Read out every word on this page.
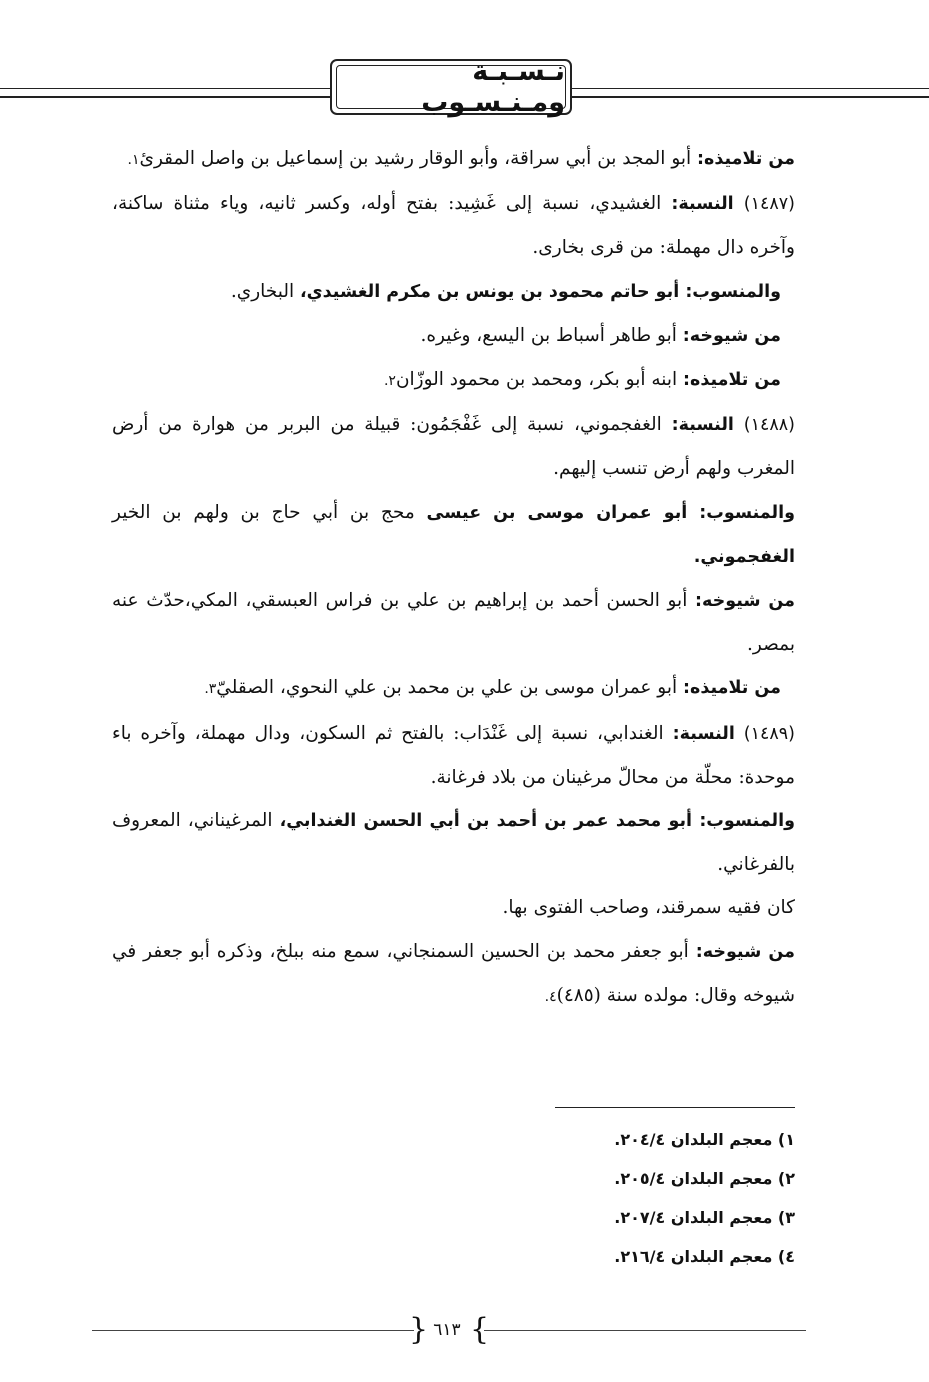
نـسـبـة ومـنـسـوب

من تلاميذه: أبو المجد بن أبي سراقة، وأبو الوقار رشيد بن إسماعيل بن واصل المقرئ١.

(١٤٨٧) النسبة: الغشيدي، نسبة إلى غَشِيد: بفتح أوله، وكسر ثانيه، وياء مثناة ساكنة، وآخره دال مهملة: من قرى بخارى.

والمنسوب: أبو حاتم محمود بن يونس بن مكرم الغشيدي، البخاري.

من شيوخه: أبو طاهر أسباط بن اليسع، وغيره.

من تلاميذه: ابنه أبو بكر، ومحمد بن محمود الوزّان٢.

(١٤٨٨) النسبة: الغفجموني، نسبة إلى غَفْجَمُون: قبيلة من البربر من هوارة من أرض المغرب ولهم أرض تنسب إليهم.

والمنسوب: أبو عمران موسى بن عيسى محج بن أبي حاج بن ولهم بن الخير الغفجموني.

من شيوخه: أبو الحسن أحمد بن إبراهيم بن علي بن فراس العبسقي، المكي،حدّث عنه بمصر.

من تلاميذه: أبو عمران موسى بن علي بن محمد بن علي النحوي، الصقليّ٣.

(١٤٨٩) النسبة: الغندابي، نسبة إلى غَنْدَاب: بالفتح ثم السكون، ودال مهملة، وآخره باء موحدة: محلّة من محالّ مرغينان من بلاد فرغانة.

والمنسوب: أبو محمد عمر بن أحمد بن أبي الحسن الغندابي، المرغيناني، المعروف بالفرغاني.

كان فقيه سمرقند، وصاحب الفتوى بها.

من شيوخه: أبو جعفر محمد بن الحسين السمنجاني، سمع منه ببلخ، وذكره أبو جعفر في شيوخه وقال: مولده سنة (٤٨٥)٤.

١) معجم البلدان ٢٠٤/٤.

٢) معجم البلدان ٢٠٥/٤.

٣) معجم البلدان ٢٠٧/٤.

٤) معجم البلدان ٢١٦/٤.

{ ٦١٣ }
